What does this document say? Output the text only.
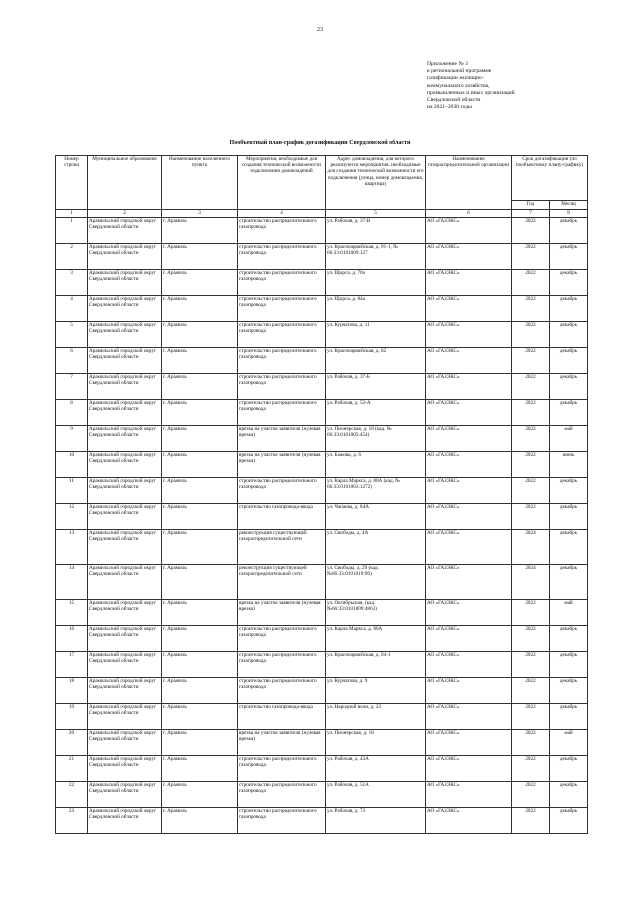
23
Приложение № 3
к региональной программе
газификации жилищно-
коммунального хозяйства,
промышленных и иных организаций
Свердловской области
на 2021–2030 годы
Пообъектный план-график догазификации Свердловской области
Номер строки	Муниципальное образование	Наименование населенного пункта	Мероприятия, необходимые для создания технической возможности подключения домовладений	Адрес домовладения, для которого реализуются мероприятия, необходимые для создания технической возможности его подключения (улица, номер домовладения, квартира)	Наименование газораспределительной организации	Срок догазификации (по пообъектному плану-графику)	
						Год	Месяц
1	2	3	4	5	6	7	8
1	Арамильский городской округ Свердловской области	г. Арамиль	строительство распределительного газопровода	ул. Рабочая, д. 37-В	АО «ГАЗЭКС»	2022	декабрь
2	Арамильский городской округ Свердловской области	г. Арамиль	строительство распределительного газопровода	ул. Красноармейская, д. 91-1, № 66:33:0101009:127	АО «ГАЗЭКС»	2022	декабрь
3	Арамильский городской округ Свердловской области	г. Арамиль	строительство распределительного газопровода	ул. Щорса, д. 70а	АО «ГАЗЭКС»	2022	декабрь
4	Арамильский городской округ Свердловской области	г. Арамиль	строительство распределительного газопровода	ул. Щорса, д. 84а	АО «ГАЗЭКС»	2022	декабрь
5	Арамильский городской округ Свердловской области	г. Арамиль	строительство распределительного газопровода	ул. Курчатова, д. 11	АО «ГАЗЭКС»	2022	декабрь
6	Арамильский городской округ Свердловской области	г. Арамиль	строительство распределительного газопровода	ул. Красноармейская, д. 82	АО «ГАЗЭКС»	2022	декабрь
7	Арамильский городской округ Свердловской области	г. Арамиль	строительство распределительного газопровода	ул. Рабочая, д. 37-Б	АО «ГАЗЭКС»	2022	декабрь
8	Арамильский городской округ Свердловской области	г. Арамиль	строительство распределительного газопровода	ул. Рабочая, д. 53-А	АО «ГАЗЭКС»	2022	декабрь
9	Арамильский городской округ Свердловской области	г. Арамиль	врезка на участке заявителя (нулевая врезка)	ул. Пионерская, д. 18 (кад. № 66:33:0101005:454)	АО «ГАЗЭКС»	2022	май
10	Арамильский городской округ Свердловской области	г. Арамиль	врезка на участке заявителя (нулевая врезка)	ул. Бажова, д. 6	АО «ГАЗЭКС»	2022	июнь
11	Арамильский городской округ Свердловской области	г. Арамиль	строительство распределительного газопровода	ул. Карла Маркса, д. 80А (кад. № 66:33:0101003:1272)	АО «ГАЗЭКС»	2022	декабрь
12	Арамильский городской округ Свердловской области	г. Арамиль	строительство газопровода-ввода	ул. Чапаева, д. 84А	АО «ГАЗЭКС»	2022	декабрь
13	Арамильский городской округ Свердловской области	г. Арамиль	реконструкция существующей газораспределительной сети	ул. Свободы, д. 4А	АО «ГАЗЭКС»	2024	декабрь
14	Арамильский городской округ Свердловской области	г. Арамиль	реконструкция существующей газораспределительной сети	ул. Свободы, д. 29 (кад. №66:33:0101010:96)	АО «ГАЗЭКС»	2024	декабрь
15	Арамильский городской округ Свердловской области	г. Арамиль	врезка на участке заявителя (нулевая врезка)	ул. Октябрьская, (кад. №66:33:0101009:4863)	АО «ГАЗЭКС»	2022	май
16	Арамильский городской округ Свердловской области	г. Арамиль	строительство распределительного газопровода	ул. Карла Маркса, д. 80А	АО «ГАЗЭКС»	2022	декабрь
17	Арамильский городской округ Свердловской области	г. Арамиль	строительство распределительного газопровода	ул. Красноармейская, д. 94-1	АО «ГАЗЭКС»	2022	декабрь
18	Арамильский городской округ Свердловской области	г. Арамиль	строительство распределительного газопровода	ул. Курчатова, д. 9	АО «ГАЗЭКС»	2022	декабрь
19	Арамильский городской округ Свердловской области	г. Арамиль	строительство газопровода-ввода	ул. Народной воли, д. 23	АО «ГАЗЭКС»	2022	декабрь
20	Арамильский городской округ Свердловской области	г. Арамиль	врезка на участке заявителя (нулевая врезка)	ул. Пионерская, д. 18	АО «ГАЗЭКС»	2022	май
21	Арамильский городской округ Свердловской области	г. Арамиль	строительство распределительного газопровода	ул. Рабочая, д. 43А	АО «ГАЗЭКС»	2022	декабрь
22	Арамильский городской округ Свердловской области	г. Арамиль	строительство распределительного газопровода	ул. Рабочая, д. 51А	АО «ГАЗЭКС»	2022	декабрь
23	Арамильский городской округ Свердловской области	г. Арамиль	строительство распределительного газопровода	ул. Рабочая, д. 73	АО «ГАЗЭКС»	2022	декабрь
